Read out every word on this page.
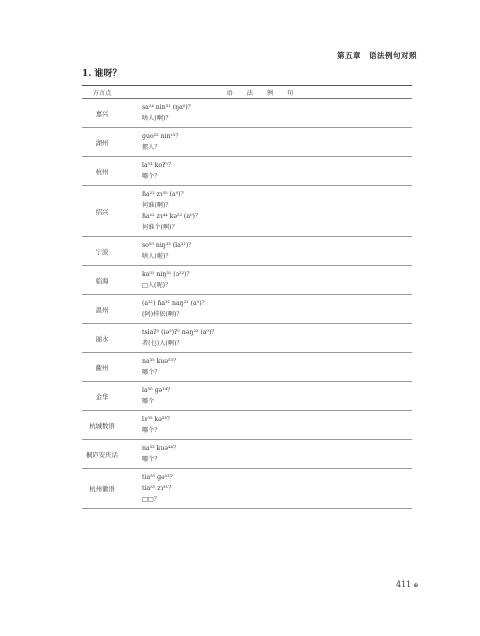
第五章 语法例句对照
1. 谁呀？
方言点	语法例句
嘉兴	sa²⁴ nin³¹ (ŋa⁰)？
啥人(啊)？

湖州	ɡuo²² nin¹³？
掼人？

杭州	la⁵³ koʔ⁵？
哪个？

绍兴	ɦa²² zɿ³⁵ (a⁰)？
何谁(啊)？
ɦa²² zɿ⁴⁴ kə⁵² (a⁰)？
何谁个(啊)？

宁波	so⁵⁵ niŋ³³ (la³¹)？
啥人(啦)？

临海	ka⁵¹ niŋ³¹ (ɔ²²)？
□人(呢)？

温州	(a²¹) ɦa³¹ naŋ²¹ (a⁰)？
(阿)样依(啊)？

丽水	tsiaʔ⁵ (iə⁵)ʔ⁵ nəŋ²² (a⁰)？
者(乜)人(啊)？

衢州	na³⁵ kuə⁵³？
哪个？

金华	la⁵⁵ ɡə¹⁴？
哪个

杭城数语	lɤ⁵⁵ kə³³？
哪个？

桐庐安庆话	na³³ kuə⁴⁴？
哪个？

杭州徽语	tia⁵⁵ ɡə⁵³？
tia⁵⁵ zɿ³¹？
□□？
411 ⊕
